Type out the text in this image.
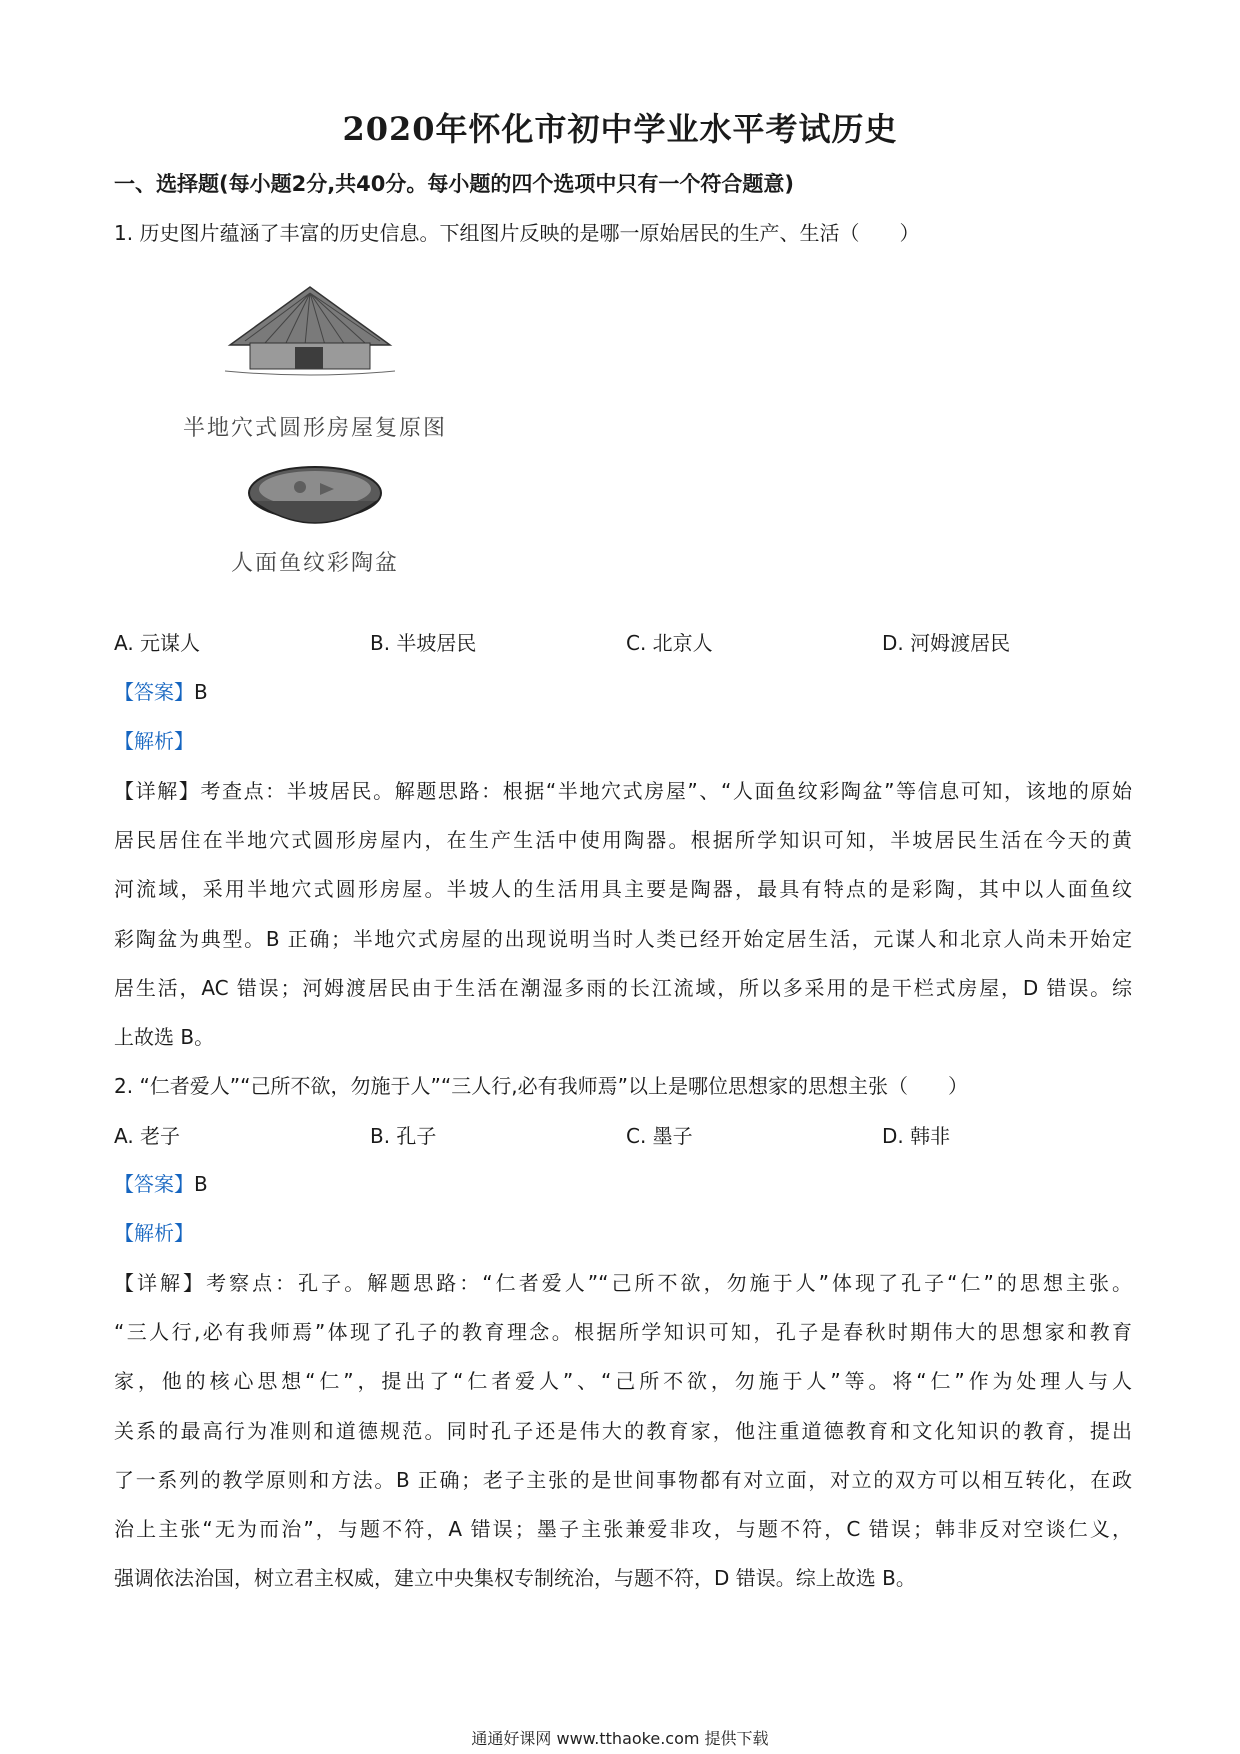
2020年怀化市初中学业水平考试历史
一、选择题(每小题2分,共40分。每小题的四个选项中只有一个符合题意)
1. 历史图片蕴涵了丰富的历史信息。下组图片反映的是哪一原始居民的生产、生活（　　）
半地穴式圆形房屋复原图
人面鱼纹彩陶盆
A. 元谋人	B. 半坡居民	C. 北京人	D. 河姆渡居民
【答案】B
【解析】
【详解】考查点：半坡居民。解题思路：根据“半地穴式房屋”、“人面鱼纹彩陶盆”等信息可知，该地的原始
居民居住在半地穴式圆形房屋内，在生产生活中使用陶器。根据所学知识可知，半坡居民生活在今天的黄
河流域，采用半地穴式圆形房屋。半坡人的生活用具主要是陶器，最具有特点的是彩陶，其中以人面鱼纹
彩陶盆为典型。B 正确；半地穴式房屋的出现说明当时人类已经开始定居生活，元谋人和北京人尚未开始定
居生活，AC 错误；河姆渡居民由于生活在潮湿多雨的长江流域，所以多采用的是干栏式房屋，D 错误。综
上故选 B。
2. “仁者爱人”“己所不欲，勿施于人”“三人行,必有我师焉”以上是哪位思想家的思想主张（　　）
A. 老子	B. 孔子	C. 墨子	D. 韩非
【答案】B
【解析】
【详解】考察点：孔子。解题思路：“仁者爱人”“己所不欲，勿施于人”体现了孔子“仁”的思想主张。
“三人行,必有我师焉”体现了孔子的教育理念。根据所学知识可知，孔子是春秋时期伟大的思想家和教育
家，他的核心思想“仁”，提出了“仁者爱人”、“己所不欲，勿施于人”等。将“仁”作为处理人与人
关系的最高行为准则和道德规范。同时孔子还是伟大的教育家，他注重道德教育和文化知识的教育，提出
了一系列的教学原则和方法。B 正确；老子主张的是世间事物都有对立面，对立的双方可以相互转化，在政
治上主张“无为而治”，与题不符，A 错误；墨子主张兼爱非攻，与题不符，C 错误；韩非反对空谈仁义，
强调依法治国，树立君主权威，建立中央集权专制统治，与题不符，D 错误。综上故选 B。
通通好课网 www.tthaoke.com 提供下载
